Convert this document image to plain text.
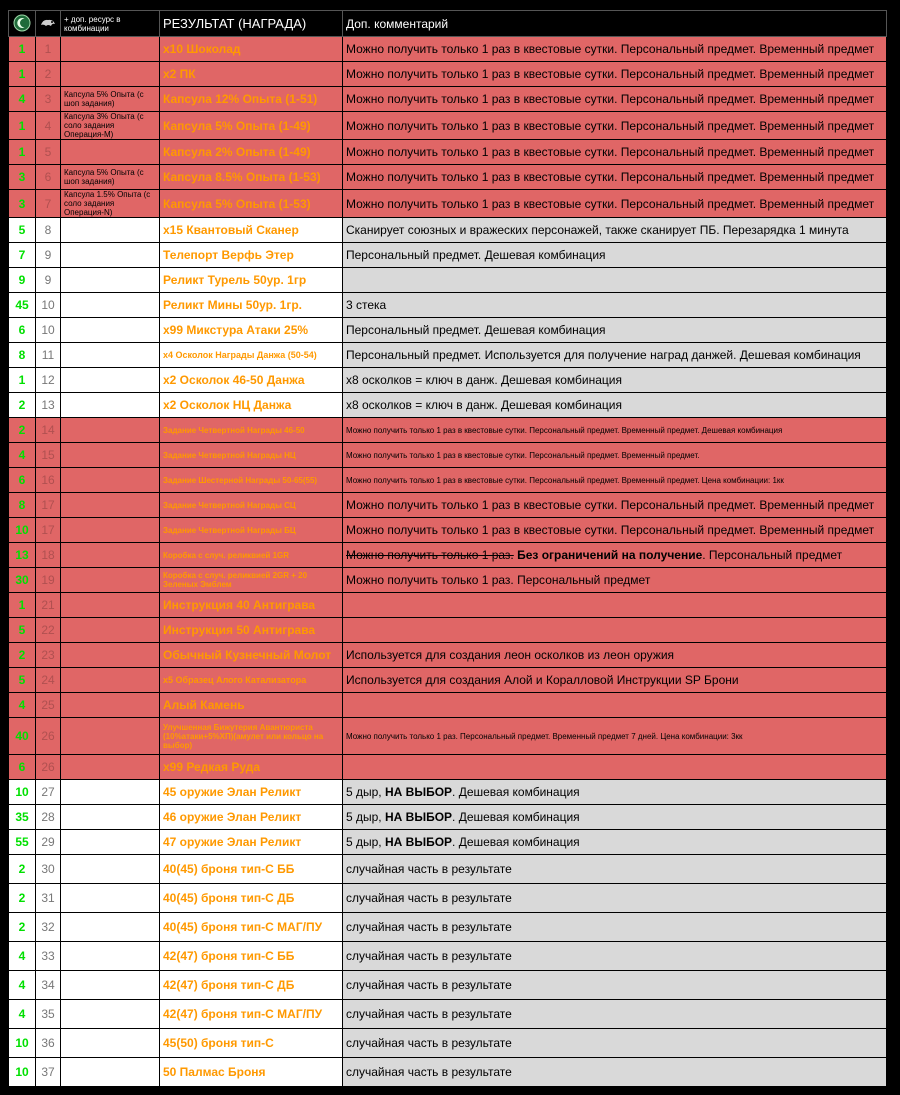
		+ доп. ресурс в комбинации	РЕЗУЛЬТАТ (НАГРАДА)	Доп. комментарий
1	1		x10 Шоколад	Можно получить только 1 раз в квестовые сутки. Персональный предмет. Временный предмет
1	2		x2 ПК	Можно получить только 1 раз в квестовые сутки. Персональный предмет. Временный предмет
4	3	Капсула 5% Опыта (с шоп задания)	Капсула 12% Опыта (1-51)	Можно получить только 1 раз в квестовые сутки. Персональный предмет. Временный предмет
1	4	Капсула 3% Опыта (с соло задания Операция-М)	Капсула 5% Опыта (1-49)	Можно получить только 1 раз в квестовые сутки. Персональный предмет. Временный предмет
1	5		Капсула 2% Опыта (1-49)	Можно получить только 1 раз в квестовые сутки. Персональный предмет. Временный предмет
3	6	Капсула 5% Опыта (с шоп задания)	Капсула 8.5% Опыта (1-53)	Можно получить только 1 раз в квестовые сутки. Персональный предмет. Временный предмет
3	7	Капсула 1.5% Опыта (с соло задания Операция-N)	Капсула 5% Опыта (1-53)	Можно получить только 1 раз в квестовые сутки. Персональный предмет. Временный предмет
5	8		x15 Квантовый Сканер	Сканирует союзных и вражеских персонажей, также сканирует ПБ. Перезарядка 1 минута
7	9		Телепорт Верфь Этер	Персональный предмет. Дешевая комбинация
9	9		Реликт Турель 50ур. 1гр	
45	10		Реликт Мины 50ур. 1гр.	3 стека
6	10		x99 Микстура Атаки 25%	Персональный предмет. Дешевая комбинация
8	11		x4 Осколок Награды Данжа (50-54)	Персональный предмет. Используется для получение наград данжей. Дешевая комбинация
1	12		x2 Осколок 46-50 Данжа	x8 осколков = ключ в данж. Дешевая комбинация
2	13		x2 Осколок НЦ Данжа	x8 осколков = ключ в данж. Дешевая комбинация
2	14		Задание Четвертной Награды 46-50	Можно получить только 1 раз в квестовые сутки. Персональный предмет. Временный предмет. Дешевая комбинация
4	15		Задание Четвертной Награды НЦ	Можно получить только 1 раз в квестовые сутки. Персональный предмет. Временный предмет.
6	16		Задание Шестерной Награды 50-65(55)	Можно получить только 1 раз в квестовые сутки. Персональный предмет. Временный предмет. Цена комбинации: 1кк
8	17		Задание Четвертной Награды СЦ	Можно получить только 1 раз в квестовые сутки. Персональный предмет. Временный предмет
10	17		Задание Четвертной Награды БЦ	Можно получить только 1 раз в квестовые сутки. Персональный предмет. Временный предмет
13	18		Коробка с случ. реликвией 1GR	Можно получить только 1 раз. Без ограничений на получение. Персональный предмет
30	19		Коробка с случ. реликвией 2GR + 20 Зеленых Эмблем	Можно получить только 1 раз. Персональный предмет
1	21		Инструкция 40 Антиграва	
5	22		Инструкция 50 Антиграва	
2	23		Обычный Кузнечный Молот	Используется для создания леон осколков из леон оружия
5	24		x5 Образец Алого Катализатора	Используется для создания Алой и Коралловой Инструкции SP Брони
4	25		Алый Камень	
40	26		Улучшенная Бижутерия Авантюриста (10%атаки+5%ХП)(амулет или кольцо на выбор)	Можно получить только 1 раз. Персональный предмет. Временный предмет 7 дней. Цена комбинации: 3кк
6	26		x99 Редкая Руда	
10	27		45 оружие Элан Реликт	5 дыр, НА ВЫБОР. Дешевая комбинация
35	28		46 оружие Элан Реликт	5 дыр, НА ВЫБОР. Дешевая комбинация
55	29		47 оружие Элан Реликт	5 дыр, НА ВЫБОР. Дешевая комбинация
2	30		40(45) броня тип-С ББ	случайная часть в результате
2	31		40(45) броня тип-С ДБ	случайная часть в результате
2	32		40(45) броня тип-С МАГ/ПУ	случайная часть в результате
4	33		42(47) броня тип-С ББ	случайная часть в результате
4	34		42(47) броня тип-С ДБ	случайная часть в результате
4	35		42(47) броня тип-С МАГ/ПУ	случайная часть в результате
10	36		45(50) броня тип-С	случайная часть в результате
10	37		50 Палмас Броня	случайная часть в результате
